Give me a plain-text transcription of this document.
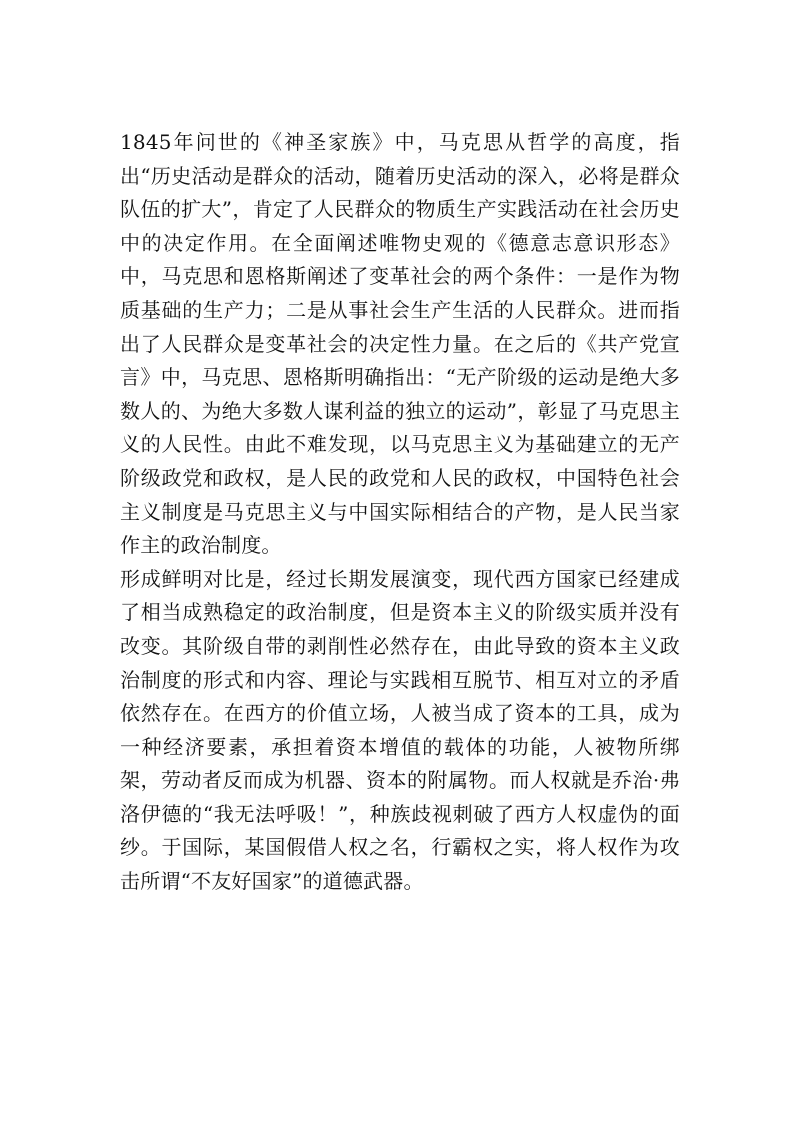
1845年问世的《神圣家族》中，马克思从哲学的高度，指出“历史活动是群众的活动，随着历史活动的深入，必将是群众队伍的扩大”，肯定了人民群众的物质生产实践活动在社会历史中的决定作用。在全面阐述唯物史观的《德意志意识形态》中，马克思和恩格斯阐述了变革社会的两个条件：一是作为物质基础的生产力；二是从事社会生产生活的人民群众。进而指出了人民群众是变革社会的决定性力量。在之后的《共产党宣言》中，马克思、恩格斯明确指出：“无产阶级的运动是绝大多数人的、为绝大多数人谋利益的独立的运动”，彰显了马克思主义的人民性。由此不难发现，以马克思主义为基础建立的无产阶级政党和政权，是人民的政党和人民的政权，中国特色社会主义制度是马克思主义与中国实际相结合的产物，是人民当家作主的政治制度。

形成鲜明对比是，经过长期发展演变，现代西方国家已经建成了相当成熟稳定的政治制度，但是资本主义的阶级实质并没有改变。其阶级自带的剥削性必然存在，由此导致的资本主义政治制度的形式和内容、理论与实践相互脱节、相互对立的矛盾依然存在。在西方的价值立场，人被当成了资本的工具，成为一种经济要素，承担着资本增值的载体的功能，人被物所绑架，劳动者反而成为机器、资本的附属物。而人权就是乔治·弗洛伊德的“我无法呼吸！”，种族歧视刺破了西方人权虚伪的面纱。于国际，某国假借人权之名，行霸权之实，将人权作为攻击所谓“不友好国家”的道德武器。
